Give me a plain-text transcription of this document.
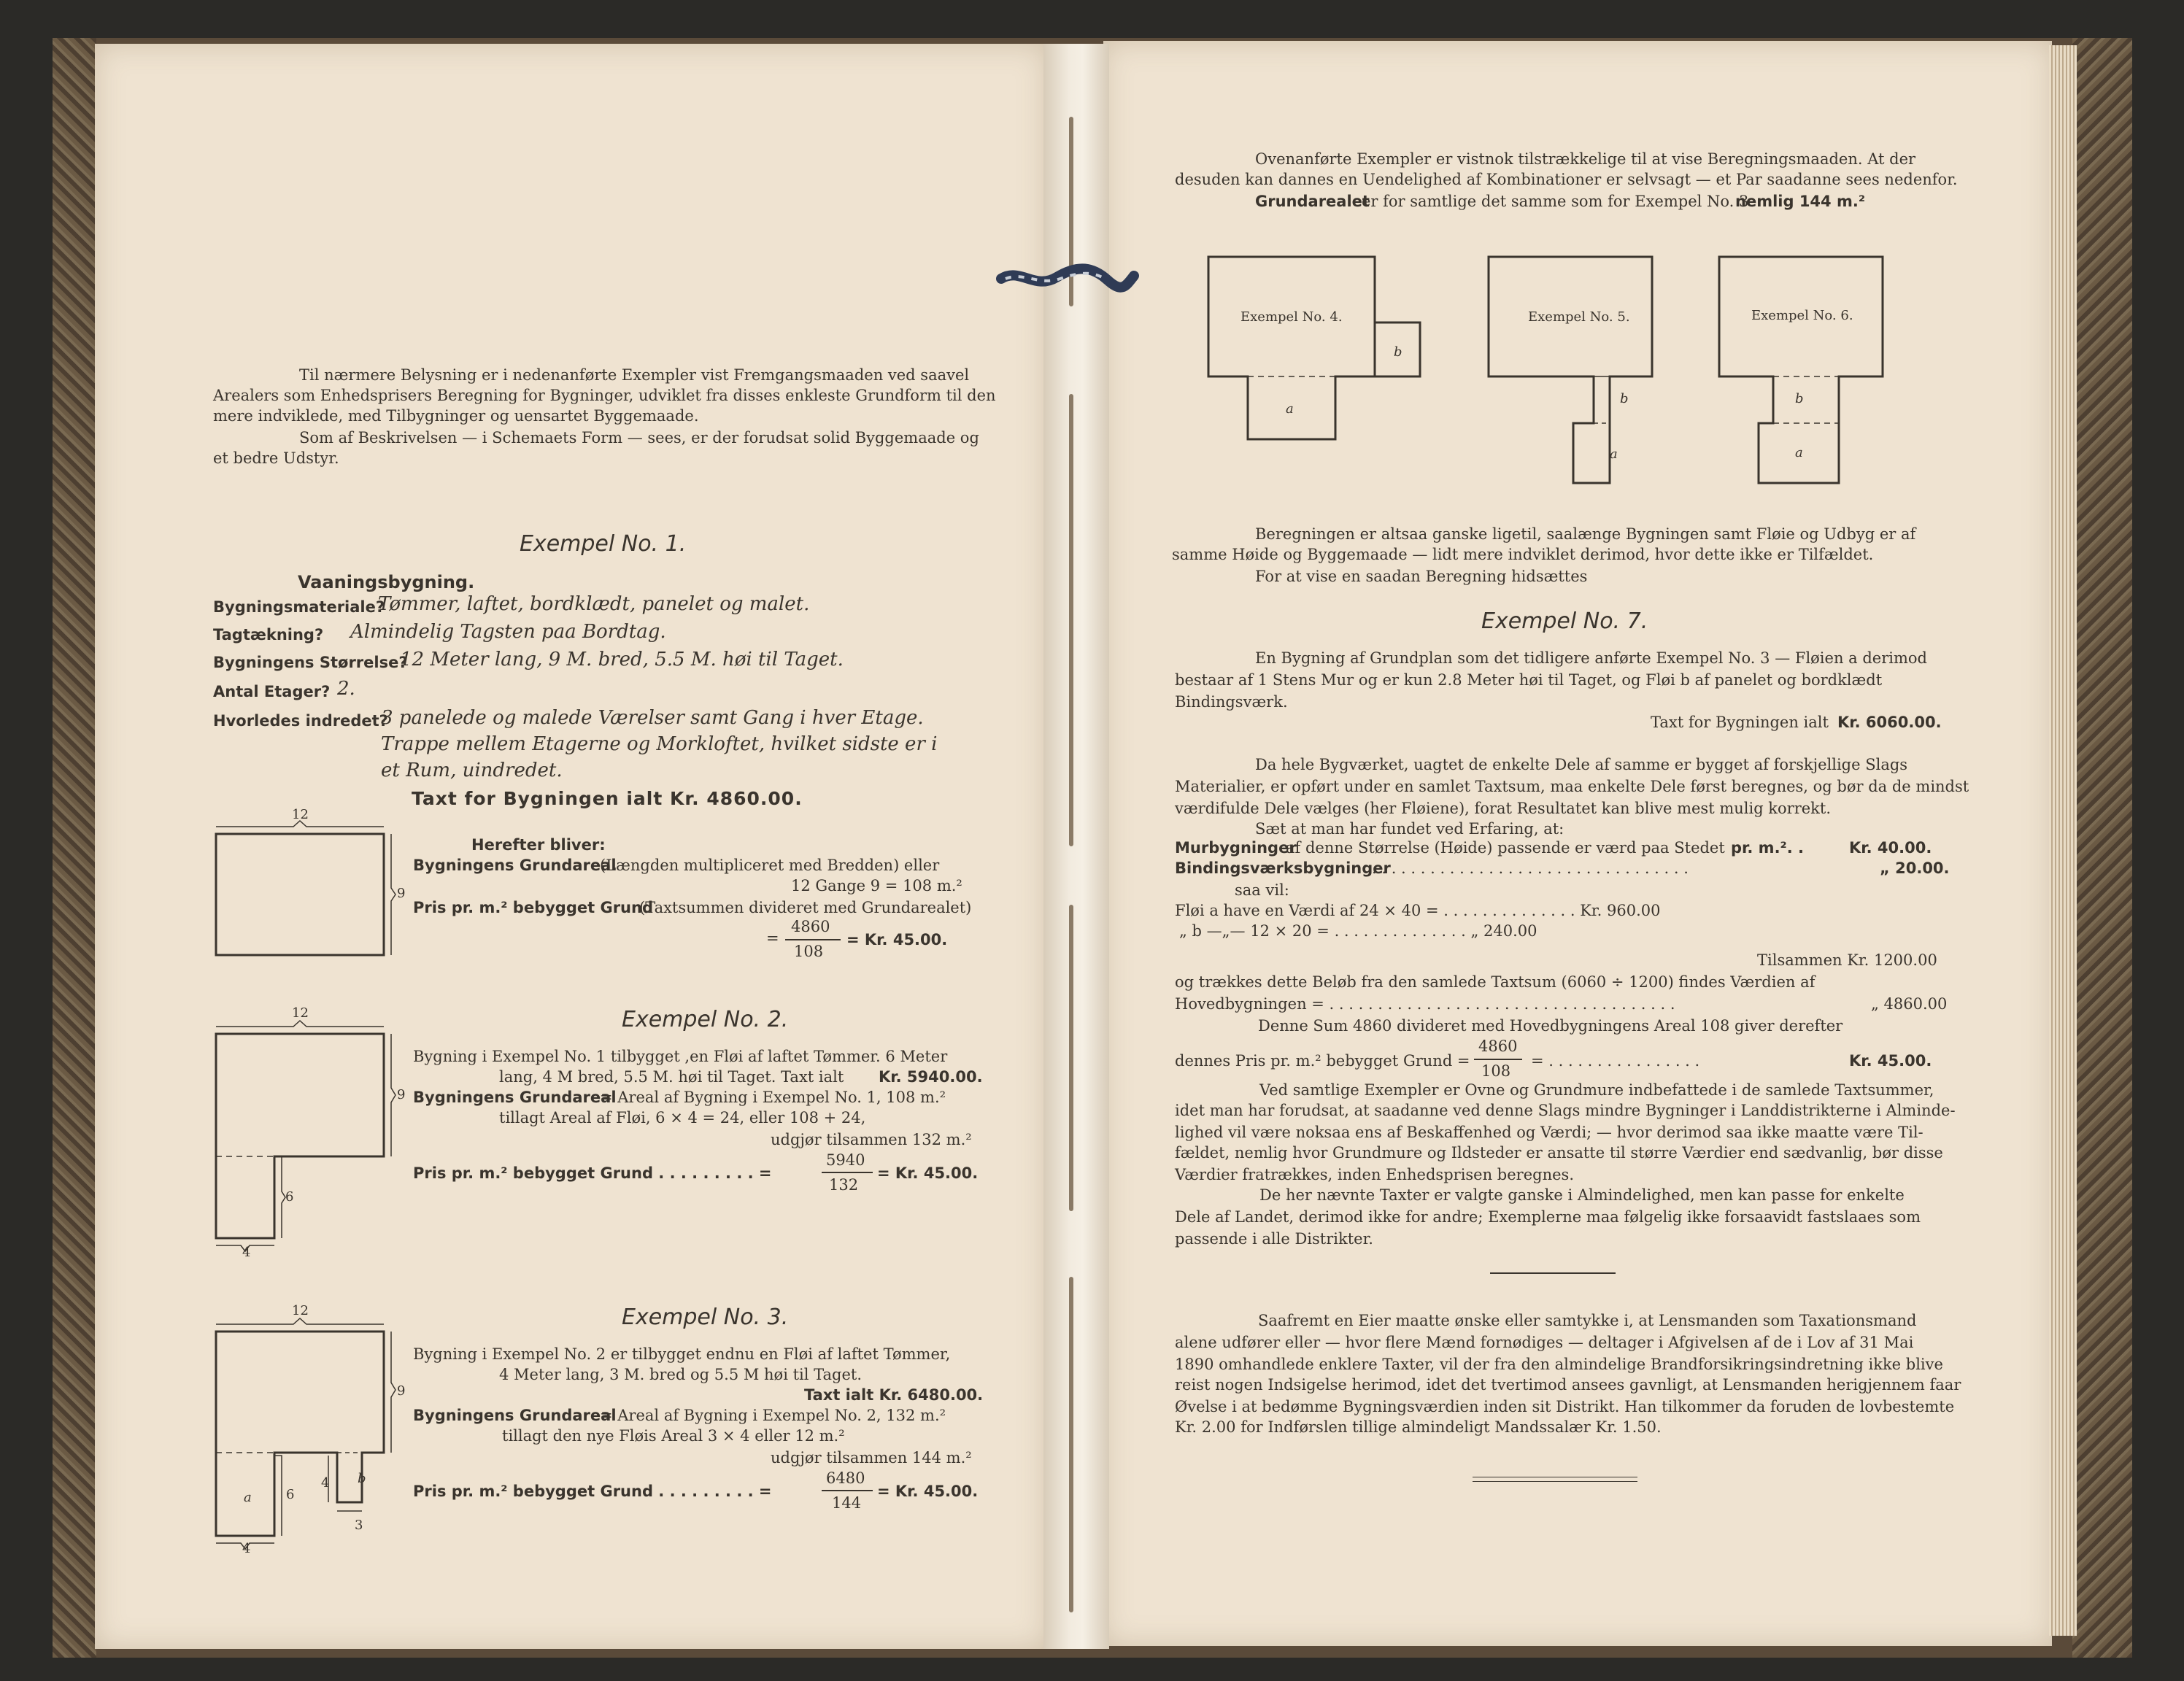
Til nærmere Belysning er i nedenanførte Exempler vist Fremgangsmaaden ved saavel
Arealers som Enhedsprisers Beregning for Bygninger, udviklet fra disses enkleste Grundform til den
mere indviklede, med Tilbygninger og uensartet Byggemaade.
Som af Beskrivelsen — i Schemaets Form — sees, er der forudsat solid Byggemaade og
et bedre Udstyr.
Exempel No. 1.
Vaaningsbygning.
Bygningsmateriale?
Tømmer, laftet, bordklædt, panelet og malet.
Tagtækning? Almindelig Tagsten paa Bordtag.
Bygningens Størrelse?
12 Meter lang, 9 M. bred, 5.5 M. høi til Taget.
Antal Etager? 2.
Hvorledes indredet?
3 panelede og malede Værelser samt Gang i hver Etage.
Trappe mellem Etagerne og Morkloftet, hvilket sidste er i
et Rum, uindredet.
Taxt for Bygningen ialt Kr. 4860.00.
12
9
Herefter bliver:
Bygningens Grundareal
(Længden multipliceret med Bredden) eller
12 Gange 9 = 108 m.²
Pris pr. m.² bebygget Grund
(Taxtsummen divideret med Grundarealet)
4860
108
=	= Kr. 45.00.
Exempel No. 2.
12
9
6
4
Bygning i Exempel No. 1 tilbygget ,en Fløi af laftet Tømmer. 6 Meter
lang, 4 M bred, 5.5 M. høi til Taget. Taxt ialt Kr. 5940.00.
Bygningens Grundareal
= Areal af Bygning i Exempel No. 1, 108 m.²
tillagt Areal af Fløi, 6 × 4 = 24, eller 108 + 24,
udgjør tilsammen 132 m.²
Pris pr. m.² bebygget Grund . . . . . . . . . =
5940
132
= Kr. 45.00.
Exempel No. 3.
12
9
6
4
4
3
a
b
Bygning i Exempel No. 2 er tilbygget endnu en Fløi af laftet Tømmer,
4 Meter lang, 3 M. bred og 5.5 M høi til Taget.
Taxt ialt Kr. 6480.00.
Bygningens Grundareal
= Areal af Bygning i Exempel No. 2, 132 m.²
tillagt den nye Fløis Areal 3 × 4 eller 12 m.²
udgjør tilsammen 144 m.²
Pris pr. m.² bebygget Grund . . . . . . . . . =
6480
144
= Kr. 45.00.
Ovenanførte Exempler er vistnok tilstrækkelige til at vise Beregningsmaaden. At der
desuden kan dannes en Uendelighed af Kombinationer er selvsagt — et Par saadanne sees nedenfor.
Grundarealet
er for samtlige det samme som for Exempel No. 3
nemlig 144 m.²
Exempel No. 4.	Exempel No. 5.	Exempel No. 6.
a
b
a
b
a
b
Beregningen er altsaa ganske ligetil, saalænge Bygningen samt Fløie og Udbyg er af
samme Høide og Byggemaade — lidt mere indviklet derimod, hvor dette ikke er Tilfældet.
For at vise en saadan Beregning hidsættes
Exempel No. 7.
En Bygning af Grundplan som det tidligere anførte Exempel No. 3 — Fløien a derimod
bestaar af 1 Stens Mur og er kun 2.8 Meter høi til Taget, og Fløi b af panelet og bordklædt
Bindingsværk.
Taxt for Bygningen ialt Kr. 6060.00.
Da hele Bygværket, uagtet de enkelte Dele af samme er bygget af forskjellige Slags
Materialier, er opført under en samlet Taxtsum, maa enkelte Dele først beregnes, og bør da de mindst
værdifulde Dele vælges (her Fløiene), forat Resultatet kan blive mest mulig korrekt.
Sæt at man har fundet ved Erfaring, at:
Murbygninger
af denne Størrelse (Høide) passende er værd paa Stedet pr. m.². .	Kr. 40.00.
Bindingsværksbygninger
. . . . . . . . . . . . . . . . . . . . . . . . . . . . . . . . .	„ 20.00.
saa vil:
Fløi a have en Værdi af 24 × 40 = . . . . . . . . . . . . . . Kr. 960.00
„ b —„— 12 × 20 = . . . . . . . . . . . . . . „ 240.00
Tilsammen Kr. 1200.00
og trækkes dette Beløb fra den samlede Taxtsum (6060 ÷ 1200) findes Værdien af
Hovedbygningen = . . . . . . . . . . . . . . . . . . . . . . . . . . . . . . . . . . . .	„ 4860.00
Denne Sum 4860 divideret med Hovedbygningens Areal 108 giver derefter
dennes Pris pr. m.² bebygget Grund =
4860
108
= . . . . . . . . . . . . . . . .	Kr. 45.00.
Ved samtlige Exempler er Ovne og Grundmure indbefattede i de samlede Taxtsummer,
idet man har forudsat, at saadanne ved denne Slags mindre Bygninger i Landdistrikterne i Alminde-
lighed vil være noksaa ens af Beskaffenhed og Værdi; — hvor derimod saa ikke maatte være Til-
fældet, nemlig hvor Grundmure og Ildsteder er ansatte til større Værdier end sædvanlig, bør disse
Værdier fratrækkes, inden Enhedsprisen beregnes.
De her nævnte Taxter er valgte ganske i Almindelighed, men kan passe for enkelte
Dele af Landet, derimod ikke for andre; Exemplerne maa følgelig ikke forsaavidt fastslaaes som
passende i alle Distrikter.
Saafremt en Eier maatte ønske eller samtykke i, at Lensmanden som Taxationsmand
alene udfører eller — hvor flere Mænd fornødiges — deltager i Afgivelsen af de i Lov af 31 Mai
1890 omhandlede enklere Taxter, vil der fra den almindelige Brandforsikringsindretning ikke blive
reist nogen Indsigelse herimod, idet det tvertimod ansees gavnligt, at Lensmanden herigjennem faar
Øvelse i at bedømme Bygningsværdien inden sit Distrikt. Han tilkommer da foruden de lovbestemte
Kr. 2.00 for Indførslen tillige almindeligt Mandssalær Kr. 1.50.
